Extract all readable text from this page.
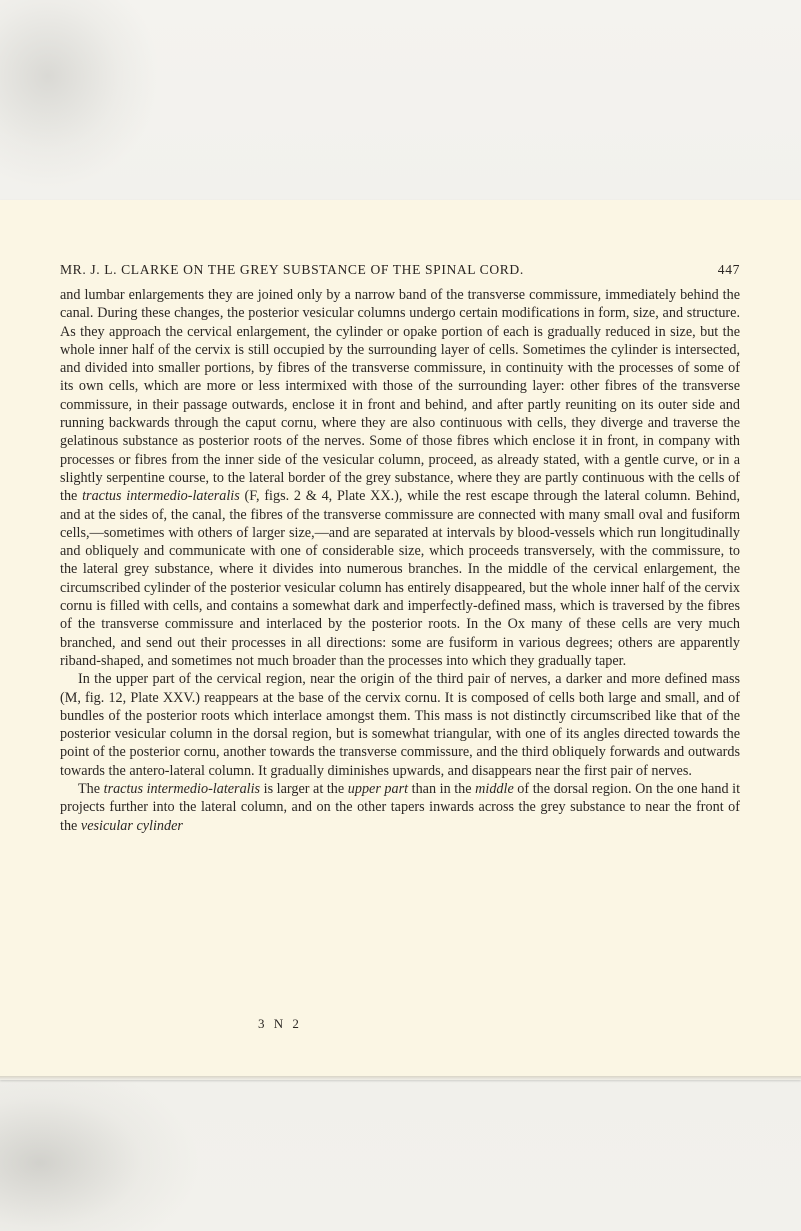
MR. J. L. CLARKE ON THE GREY SUBSTANCE OF THE SPINAL CORD.	447

and lumbar enlargements they are joined only by a narrow band of the transverse commissure, immediately behind the canal. During these changes, the posterior vesicular columns undergo certain modifications in form, size, and structure. As they approach the cervical enlargement, the cylinder or opake portion of each is gradually reduced in size, but the whole inner half of the cervix is still occupied by the surrounding layer of cells. Sometimes the cylinder is intersected, and divided into smaller portions, by fibres of the transverse commissure, in continuity with the processes of some of its own cells, which are more or less intermixed with those of the surrounding layer: other fibres of the transverse commissure, in their passage outwards, enclose it in front and behind, and after partly reuniting on its outer side and running backwards through the caput cornu, where they are also continuous with cells, they diverge and traverse the gelatinous substance as posterior roots of the nerves. Some of those fibres which enclose it in front, in company with processes or fibres from the inner side of the vesicular column, proceed, as already stated, with a gentle curve, or in a slightly serpentine course, to the lateral border of the grey substance, where they are partly continuous with the cells of the tractus intermedio-lateralis (F, figs. 2 & 4, Plate XX.), while the rest escape through the lateral column. Behind, and at the sides of, the canal, the fibres of the transverse commissure are connected with many small oval and fusiform cells,—sometimes with others of larger size,—and are separated at intervals by blood-vessels which run longitudinally and obliquely and communicate with one of considerable size, which proceeds transversely, with the commissure, to the lateral grey substance, where it divides into numerous branches. In the middle of the cervical enlargement, the circumscribed cylinder of the posterior vesicular column has entirely disappeared, but the whole inner half of the cervix cornu is filled with cells, and contains a somewhat dark and imperfectly-defined mass, which is traversed by the fibres of the transverse commissure and interlaced by the posterior roots. In the Ox many of these cells are very much branched, and send out their processes in all directions: some are fusiform in various degrees; others are apparently riband-shaped, and sometimes not much broader than the processes into which they gradually taper.

In the upper part of the cervical region, near the origin of the third pair of nerves, a darker and more defined mass (M, fig. 12, Plate XXV.) reappears at the base of the cervix cornu. It is composed of cells both large and small, and of bundles of the posterior roots which interlace amongst them. This mass is not distinctly circumscribed like that of the posterior vesicular column in the dorsal region, but is somewhat triangular, with one of its angles directed towards the point of the posterior cornu, another towards the transverse commissure, and the third obliquely forwards and outwards towards the antero-lateral column. It gradually diminishes upwards, and disappears near the first pair of nerves.

The tractus intermedio-lateralis is larger at the upper part than in the middle of the dorsal region. On the one hand it projects further into the lateral column, and on the other tapers inwards across the grey substance to near the front of the vesicular cylinder

3 N 2
